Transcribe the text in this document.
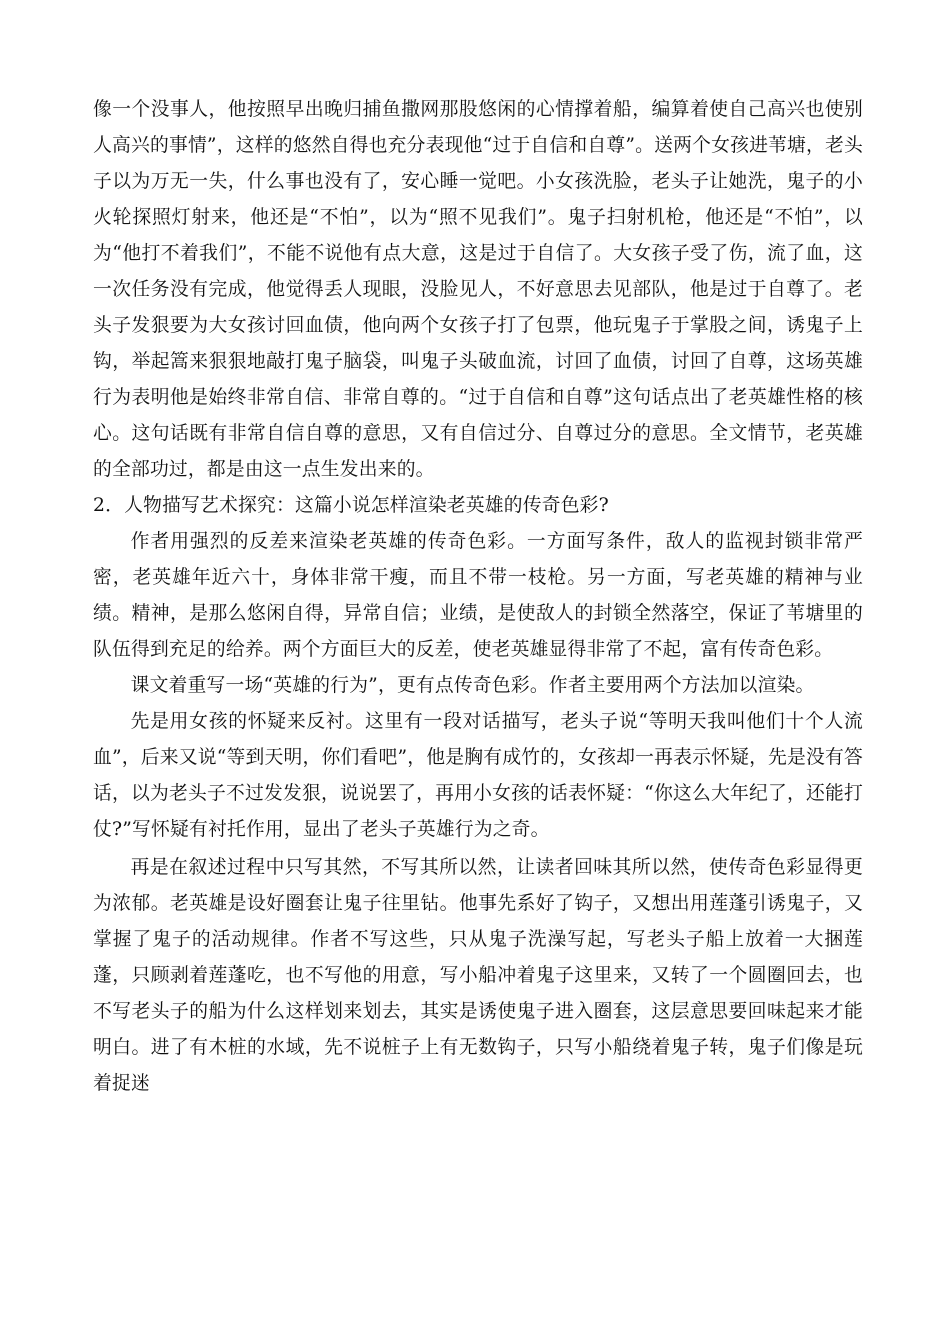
像一个没事人，他按照早出晚归捕鱼撒网那股悠闲的心情撑着船，编算着使自己高兴也使别人高兴的事情”，这样的悠然自得也充分表现他“过于自信和自尊”。送两个女孩进苇塘，老头子以为万无一失，什么事也没有了，安心睡一觉吧。小女孩洗脸，老头子让她洗，鬼子的小火轮探照灯射来，他还是“不怕”，以为“照不见我们”。鬼子扫射机枪，他还是“不怕”，以为“他打不着我们”，不能不说他有点大意，这是过于自信了。大女孩子受了伤，流了血，这一次任务没有完成，他觉得丢人现眼，没脸见人，不好意思去见部队，他是过于自尊了。老头子发狠要为大女孩讨回血债，他向两个女孩子打了包票，他玩鬼子于掌股之间，诱鬼子上钩，举起篙来狠狠地敲打鬼子脑袋，叫鬼子头破血流，讨回了血债，讨回了自尊，这场英雄行为表明他是始终非常自信、非常自尊的。“过于自信和自尊”这句话点出了老英雄性格的核心。这句话既有非常自信自尊的意思，又有自信过分、自尊过分的意思。全文情节，老英雄的全部功过，都是由这一点生发出来的。

2．人物描写艺术探究：这篇小说怎样渲染老英雄的传奇色彩?

作者用强烈的反差来渲染老英雄的传奇色彩。一方面写条件，敌人的监视封锁非常严密，老英雄年近六十，身体非常干瘦，而且不带一枝枪。另一方面，写老英雄的精神与业绩。精神，是那么悠闲自得，异常自信；业绩，是使敌人的封锁全然落空，保证了苇塘里的队伍得到充足的给养。两个方面巨大的反差，使老英雄显得非常了不起，富有传奇色彩。

课文着重写一场“英雄的行为”，更有点传奇色彩。作者主要用两个方法加以渲染。

先是用女孩的怀疑来反衬。这里有一段对话描写，老头子说“等明天我叫他们十个人流血”，后来又说“等到天明，你们看吧”，他是胸有成竹的，女孩却一再表示怀疑，先是没有答话，以为老头子不过发发狠，说说罢了，再用小女孩的话表怀疑：“你这么大年纪了，还能打仗?”写怀疑有衬托作用，显出了老头子英雄行为之奇。

再是在叙述过程中只写其然，不写其所以然，让读者回味其所以然，使传奇色彩显得更为浓郁。老英雄是设好圈套让鬼子往里钻。他事先系好了钩子，又想出用莲蓬引诱鬼子，又掌握了鬼子的活动规律。作者不写这些，只从鬼子洗澡写起，写老头子船上放着一大捆莲蓬，只顾剥着莲蓬吃，也不写他的用意，写小船冲着鬼子这里来，又转了一个圆圈回去，也不写老头子的船为什么这样划来划去，其实是诱使鬼子进入圈套，这层意思要回味起来才能明白。进了有木桩的水域，先不说桩子上有无数钩子，只写小船绕着鬼子转，鬼子们像是玩着捉迷
